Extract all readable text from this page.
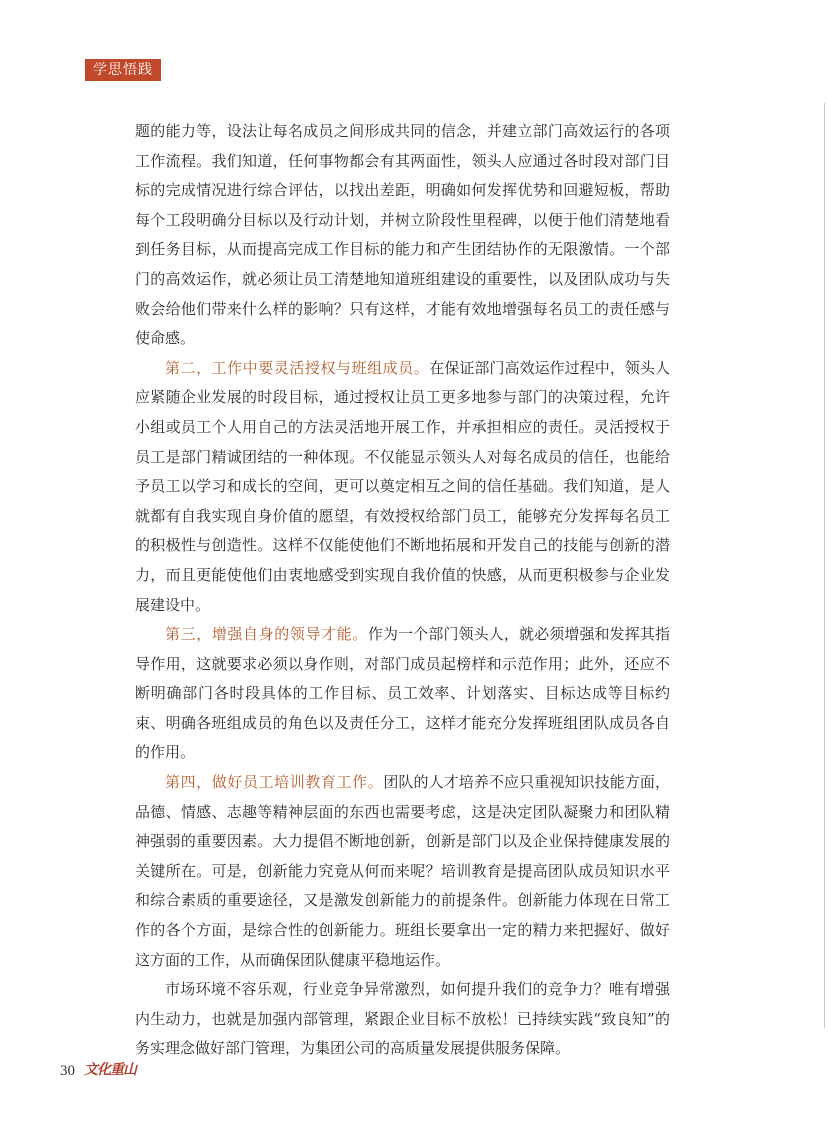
学思悟践

题的能力等，设法让每名成员之间形成共同的信念，并建立部门高效运行的各项工作流程。我们知道，任何事物都会有其两面性，领头人应通过各时段对部门目标的完成情况进行综合评估，以找出差距，明确如何发挥优势和回避短板，帮助每个工段明确分目标以及行动计划，并树立阶段性里程碑，以便于他们清楚地看到任务目标，从而提高完成工作目标的能力和产生团结协作的无限激情。一个部门的高效运作，就必须让员工清楚地知道班组建设的重要性，以及团队成功与失败会给他们带来什么样的影响？只有这样，才能有效地增强每名员工的责任感与使命感。

第二，工作中要灵活授权与班组成员。在保证部门高效运作过程中，领头人应紧随企业发展的时段目标，通过授权让员工更多地参与部门的决策过程，允许小组或员工个人用自己的方法灵活地开展工作，并承担相应的责任。灵活授权于员工是部门精诚团结的一种体现。不仅能显示领头人对每名成员的信任，也能给予员工以学习和成长的空间，更可以奠定相互之间的信任基础。我们知道，是人就都有自我实现自身价值的愿望，有效授权给部门员工，能够充分发挥每名员工的积极性与创造性。这样不仅能使他们不断地拓展和开发自己的技能与创新的潜力，而且更能使他们由衷地感受到实现自我价值的快感，从而更积极参与企业发展建设中。

第三，增强自身的领导才能。作为一个部门领头人，就必须增强和发挥其指导作用，这就要求必须以身作则，对部门成员起榜样和示范作用；此外，还应不断明确部门各时段具体的工作目标、员工效率、计划落实、目标达成等目标约束、明确各班组成员的角色以及责任分工，这样才能充分发挥班组团队成员各自的作用。

第四，做好员工培训教育工作。团队的人才培养不应只重视知识技能方面，品德、情感、志趣等精神层面的东西也需要考虑，这是决定团队凝聚力和团队精神强弱的重要因素。大力提倡不断地创新，创新是部门以及企业保持健康发展的关键所在。可是，创新能力究竟从何而来呢？培训教育是提高团队成员知识水平和综合素质的重要途径，又是激发创新能力的前提条件。创新能力体现在日常工作的各个方面，是综合性的创新能力。班组长要拿出一定的精力来把握好、做好这方面的工作，从而确保团队健康平稳地运作。

市场环境不容乐观，行业竞争异常激烈，如何提升我们的竞争力？唯有增强内生动力，也就是加强内部管理，紧跟企业目标不放松！已持续实践“致良知”的务实理念做好部门管理，为集团公司的高质量发展提供服务保障。

30 文化重山
